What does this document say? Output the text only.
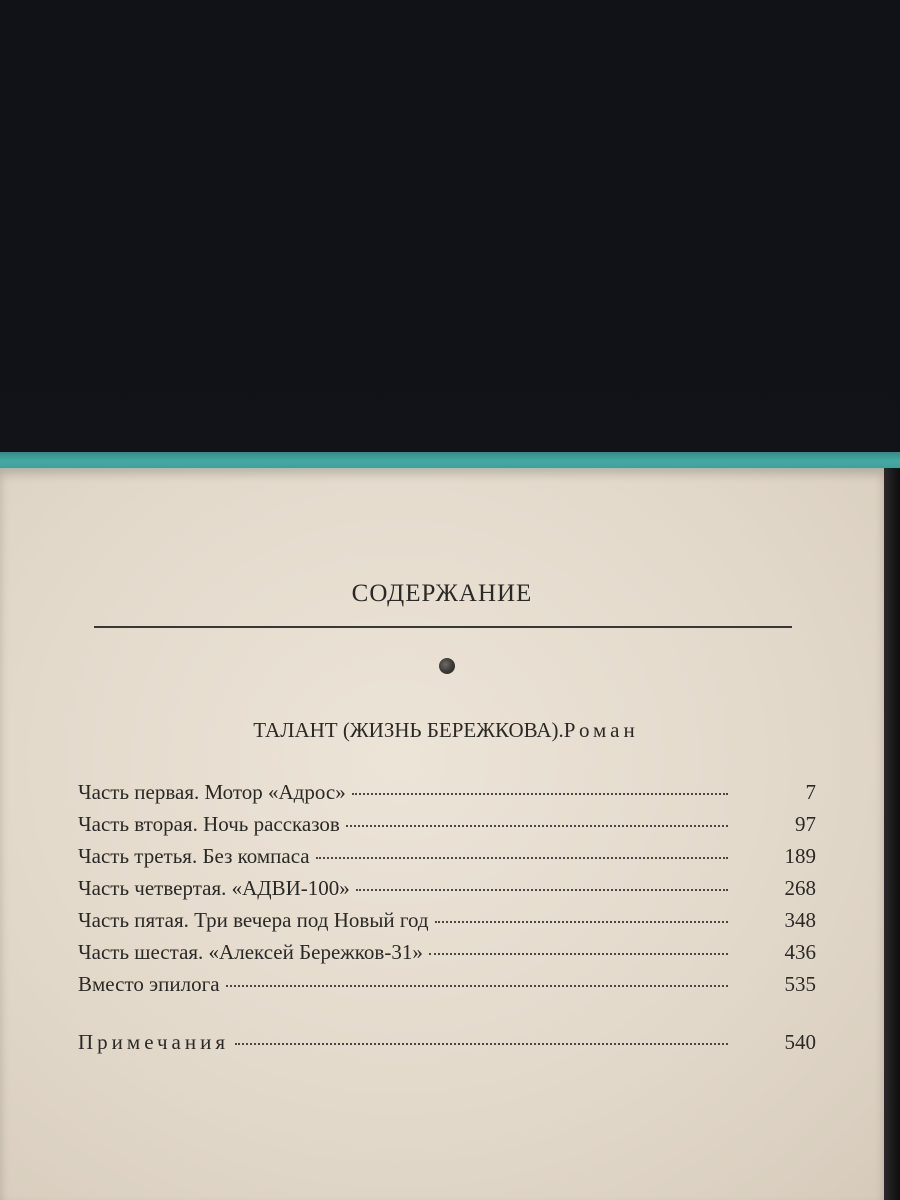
СОДЕРЖАНИЕ
ТАЛАНТ (ЖИЗНЬ БЕРЕЖКОВА).Роман
Часть первая. Мотор «Адрос»	7
Часть вторая. Ночь рассказов	97
Часть третья. Без компаса	189
Часть четвертая. «АДВИ-100»	268
Часть пятая. Три вечера под Новый год	348
Часть шестая. «Алексей Бережков-31»	436
Вместо эпилога	535
Примечания	540
